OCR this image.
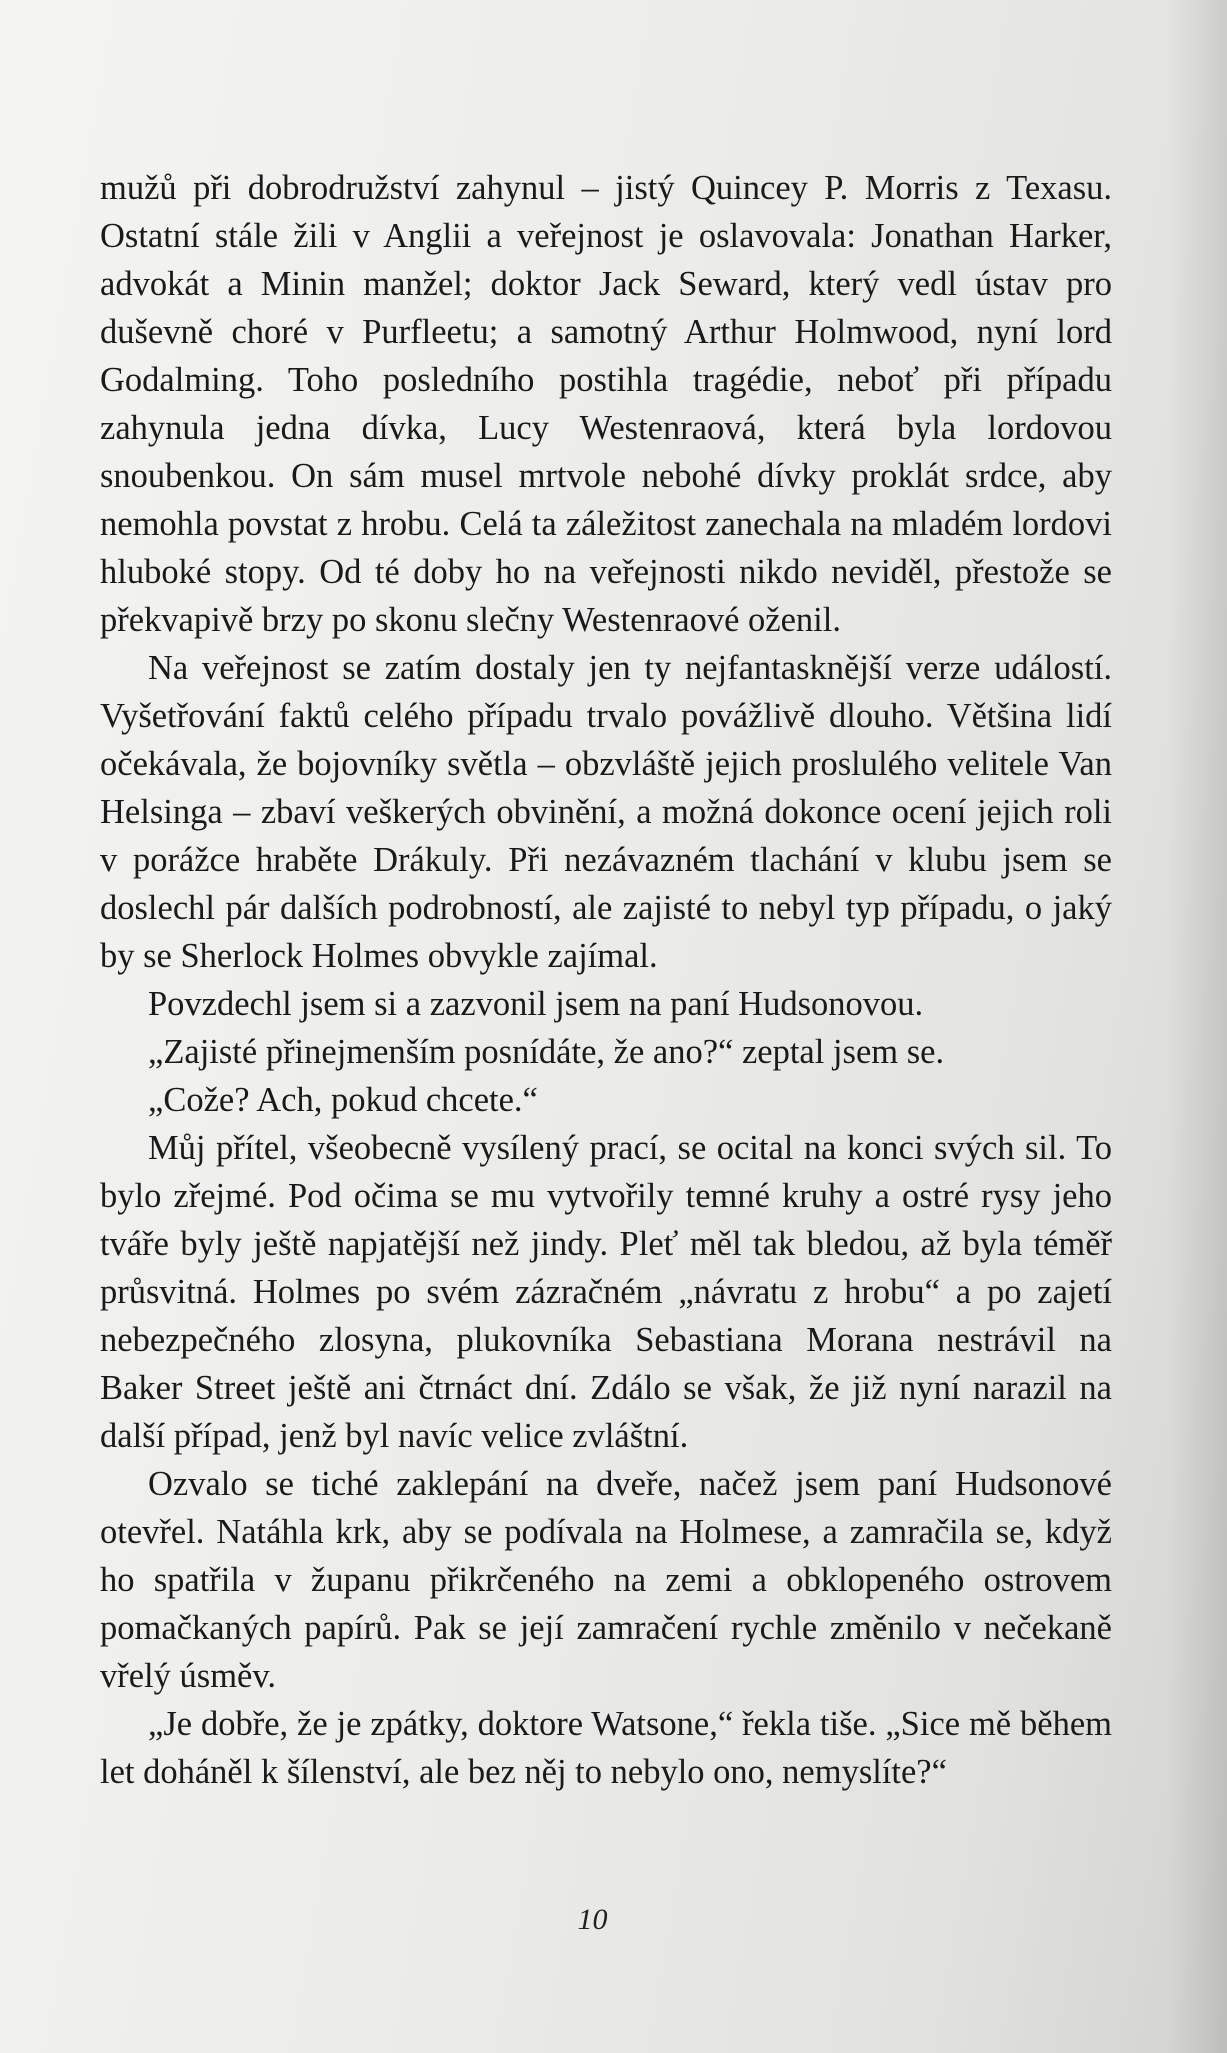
mužů při dobrodružství zahynul – jistý Quincey P. Morris z Texasu. Ostatní stále žili v Anglii a veřejnost je oslavovala: Jonathan Harker, advokát a Minin manžel; doktor Jack Seward, který vedl ústav pro duševně choré v Purfleetu; a samotný Arthur Holmwood, nyní lord Godalming. Toho posledního postihla tragédie, neboť při případu zahynula jedna dívka, Lucy Westenraová, která byla lordovou snoubenkou. On sám musel mrtvole nebohé dívky proklát srdce, aby nemohla povstat z hrobu. Celá ta záležitost zanechala na mladém lordovi hluboké stopy. Od té doby ho na veřejnosti nikdo neviděl, přestože se překvapivě brzy po skonu slečny Westenraové oženil.

Na veřejnost se zatím dostaly jen ty nejfantasknější verze událostí. Vyšetřování faktů celého případu trvalo povážlivě dlouho. Většina lidí očekávala, že bojovníky světla – obzvláště jejich proslulého velitele Van Helsinga – zbaví veškerých obvinění, a možná dokonce ocení jejich roli v porážce hraběte Drákuly. Při nezávazném tlachání v klubu jsem se doslechl pár dalších podrobností, ale zajisté to nebyl typ případu, o jaký by se Sherlock Holmes obvykle zajímal.

Povzdechl jsem si a zazvonil jsem na paní Hudsonovou.

„Zajisté přinejmenším posnídáte, že ano?“ zeptal jsem se.

„Cože? Ach, pokud chcete.“

Můj přítel, všeobecně vysílený prací, se ocital na konci svých sil. To bylo zřejmé. Pod očima se mu vytvořily temné kruhy a ostré rysy jeho tváře byly ještě napjatější než jindy. Pleť měl tak bledou, až byla téměř průsvitná. Holmes po svém zázračném „návratu z hrobu“ a po zajetí nebezpečného zlosyna, plukovníka Sebastiana Morana nestrávil na Baker Street ještě ani čtrnáct dní. Zdálo se však, že již nyní narazil na další případ, jenž byl navíc velice zvláštní.

Ozvalo se tiché zaklepání na dveře, načež jsem paní Hudsonové otevřel. Natáhla krk, aby se podívala na Holmese, a zamračila se, když ho spatřila v županu přikrčeného na zemi a obklopeného ostrovem pomačkaných papírů. Pak se její zamračení rychle změnilo v nečekaně vřelý úsměv.

„Je dobře, že je zpátky, doktore Watsone,“ řekla tiše. „Sice mě během let doháněl k šílenství, ale bez něj to nebylo ono, nemyslíte?“

10
